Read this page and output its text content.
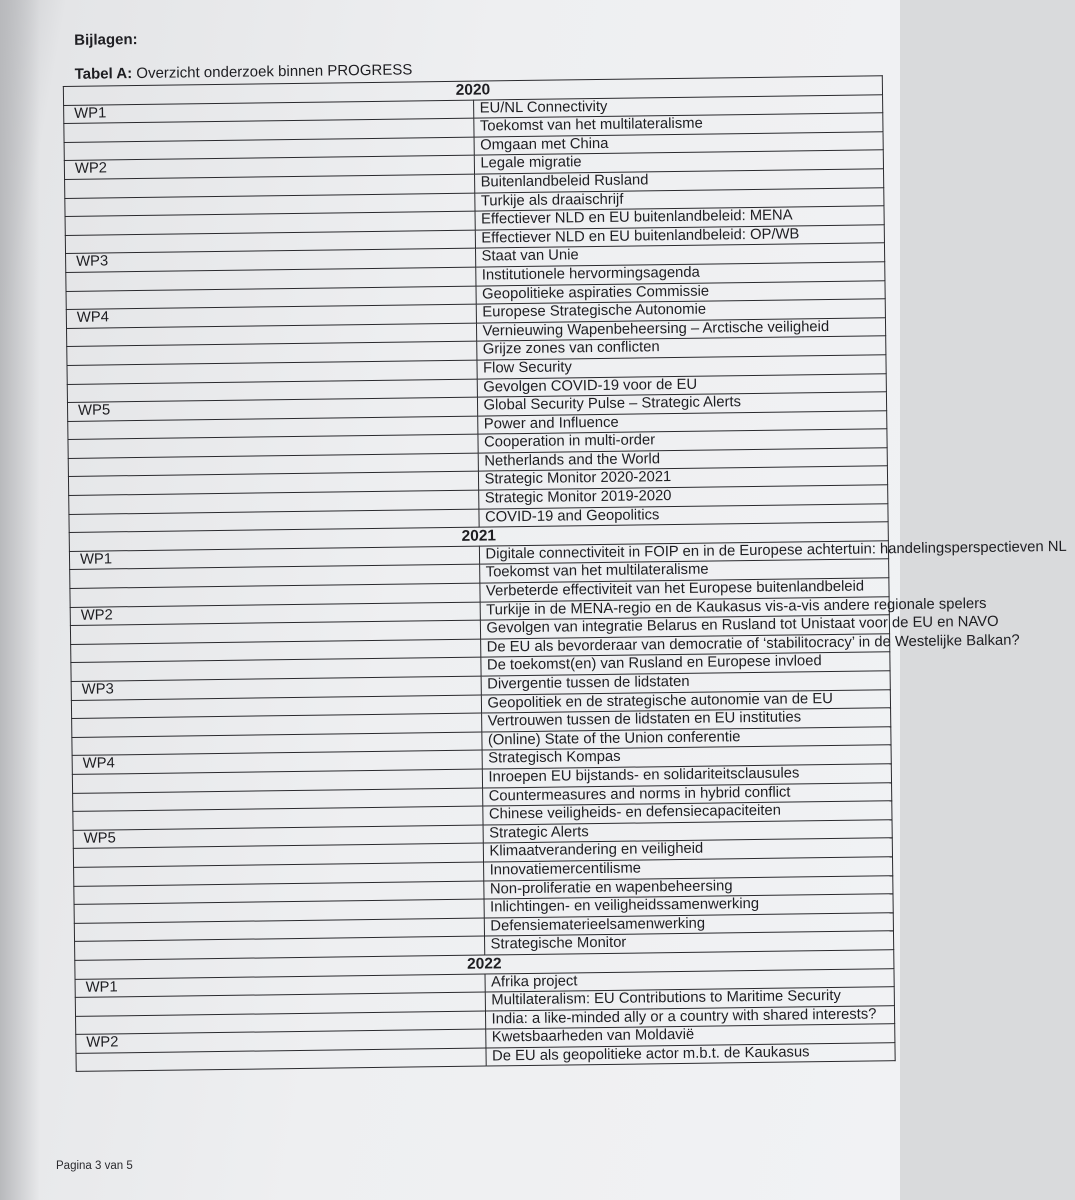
Bijlagen:
Tabel A: Overzicht onderzoek binnen PROGRESS
2020	
WP1	EU/NL Connectivity
	Toekomst van het multilateralisme
	Omgaan met China
WP2	Legale migratie
	Buitenlandbeleid Rusland
	Turkije als draaischrijf
	Effectiever NLD en EU buitenlandbeleid: MENA
	Effectiever NLD en EU buitenlandbeleid: OP/WB
WP3	Staat van Unie
	Institutionele hervormingsagenda
	Geopolitieke aspiraties Commissie
WP4	Europese Strategische Autonomie
	Vernieuwing Wapenbeheersing – Arctische veiligheid
	Grijze zones van conflicten
	Flow Security
	Gevolgen COVID-19 voor de EU
WP5	Global Security Pulse – Strategic Alerts
	Power and Influence
	Cooperation in multi-order
	Netherlands and the World
	Strategic Monitor 2020-2021
	Strategic Monitor 2019-2020
	COVID-19 and Geopolitics
2021	
WP1	Digitale connectiviteit in FOIP en in de Europese achtertuin: handelingsperspectieven NL
	Toekomst van het multilateralisme
	Verbeterde effectiviteit van het Europese buitenlandbeleid
WP2	Turkije in de MENA-regio en de Kaukasus vis-a-vis andere regionale spelers
	Gevolgen van integratie Belarus en Rusland tot Unistaat voor de EU en NAVO
	De EU als bevorderaar van democratie of ‘stabilitocracy’ in de Westelijke Balkan?
	De toekomst(en) van Rusland en Europese invloed
WP3	Divergentie tussen de lidstaten
	Geopolitiek en de strategische autonomie van de EU
	Vertrouwen tussen de lidstaten en EU instituties
	(Online) State of the Union conferentie
WP4	Strategisch Kompas
	Inroepen EU bijstands- en solidariteitsclausules
	Countermeasures and norms in hybrid conflict
	Chinese veiligheids- en defensiecapaciteiten
WP5	Strategic Alerts
	Klimaatverandering en veiligheid
	Innovatiemercentilisme
	Non-proliferatie en wapenbeheersing
	Inlichtingen- en veiligheidssamenwerking
	Defensiematerieelsamenwerking
	Strategische Monitor
2022	
WP1	Afrika project
	Multilateralism: EU Contributions to Maritime Security
	India: a like-minded ally or a country with shared interests?
WP2	Kwetsbaarheden van Moldavië
	De EU als geopolitieke actor m.b.t. de Kaukasus
Pagina 3 van 5
